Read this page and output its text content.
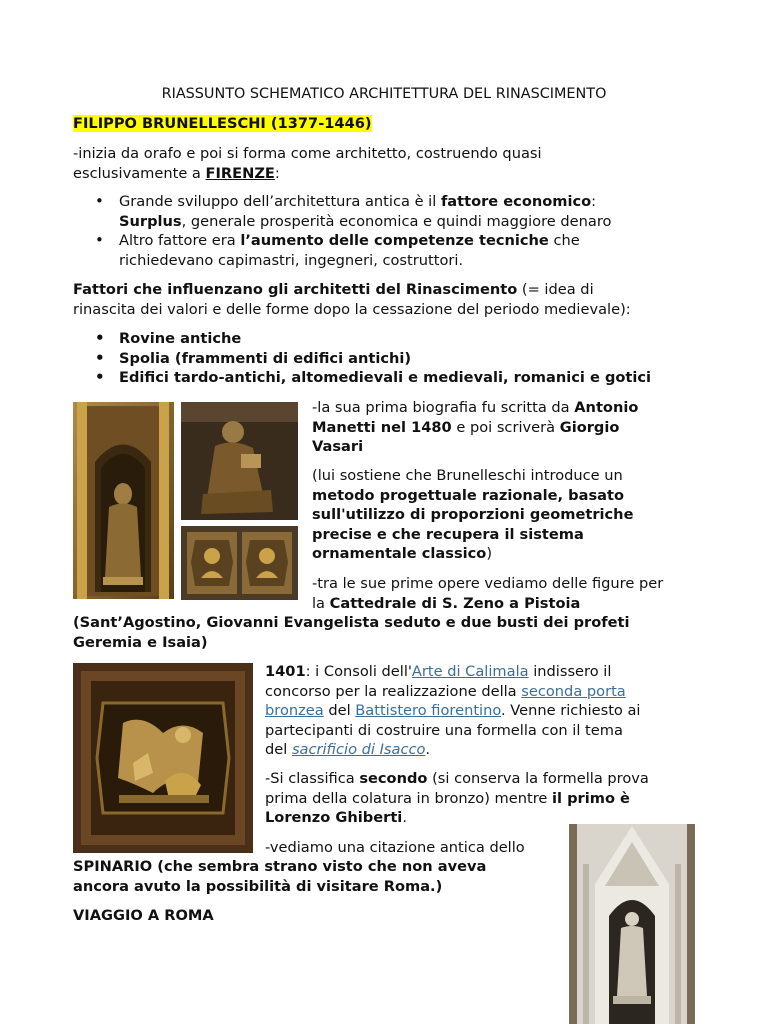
RIASSUNTO SCHEMATICO ARCHITETTURA DEL RINASCIMENTO
FILIPPO BRUNELLESCHI (1377-1446)
-inizia da orafo e poi si forma come architetto, costruendo quasi
esclusivamente a FIRENZE:
• Grande sviluppo dell’architettura antica è il fattore economico:
Surplus, generale prosperità economica e quindi maggiore denaro
• Altro fattore era l’aumento delle competenze tecniche che
richiedevano capimastri, ingegneri, costruttori.
Fattori che influenzano gli architetti del Rinascimento (= idea di
rinascita dei valori e delle forme dopo la cessazione del periodo medievale):
• Rovine antiche
• Spolia (frammenti di edifici antichi)
• Edifici tardo-antichi, altomedievali e medievali, romanici e gotici
-la sua prima biografia fu scritta da Antonio
Manetti nel 1480 e poi scriverà Giorgio
Vasari
(lui sostiene che Brunelleschi introduce un
metodo progettuale razionale, basato
sull'utilizzo di proporzioni geometriche
precise e che recupera il sistema
ornamentale classico)
-tra le sue prime opere vediamo delle figure per
la Cattedrale di S. Zeno a Pistoia
(Sant’Agostino, Giovanni Evangelista seduto e due busti dei profeti
Geremia e Isaia)
1401: i Consoli dell'Arte di Calimala indissero il
concorso per la realizzazione della seconda porta
bronzea del Battistero fiorentino. Venne richiesto ai
partecipanti di costruire una formella con il tema
del sacrificio di Isacco.
-Si classifica secondo (si conserva la formella prova
prima della colatura in bronzo) mentre il primo è
Lorenzo Ghiberti.
-vediamo una citazione antica dello
SPINARIO (che sembra strano visto che non aveva
ancora avuto la possibilità di visitare Roma.)
VIAGGIO A ROMA
